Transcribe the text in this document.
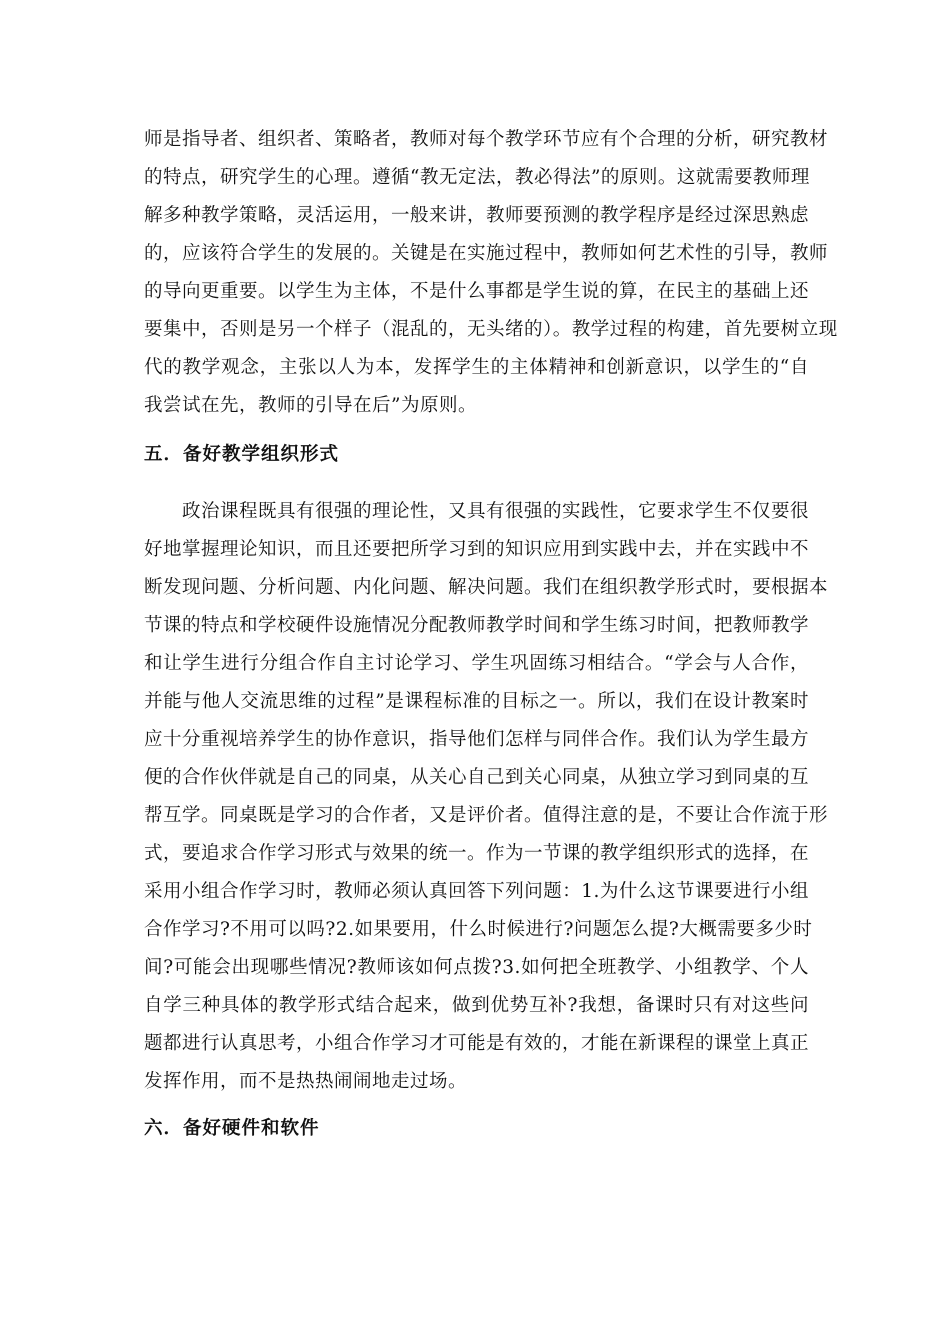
师是指导者、组织者、策略者，教师对每个教学环节应有个合理的分析，研究教材
的特点，研究学生的心理。遵循“教无定法，教必得法”的原则。这就需要教师理
解多种教学策略，灵活运用，一般来讲，教师要预测的教学程序是经过深思熟虑
的，应该符合学生的发展的。关键是在实施过程中，教师如何艺术性的引导，教师
的导向更重要。以学生为主体，不是什么事都是学生说的算，在民主的基础上还
要集中，否则是另一个样子（混乱的，无头绪的）。教学过程的构建，首先要树立现
代的教学观念，主张以人为本，发挥学生的主体精神和创新意识，以学生的“自
我尝试在先，教师的引导在后”为原则。
五．备好教学组织形式
　　政治课程既具有很强的理论性，又具有很强的实践性，它要求学生不仅要很
好地掌握理论知识，而且还要把所学习到的知识应用到实践中去，并在实践中不
断发现问题、分析问题、内化问题、解决问题。我们在组织教学形式时，要根据本
节课的特点和学校硬件设施情况分配教师教学时间和学生练习时间，把教师教学
和让学生进行分组合作自主讨论学习、学生巩固练习相结合。“学会与人合作，
并能与他人交流思维的过程”是课程标准的目标之一。所以，我们在设计教案时
应十分重视培养学生的协作意识，指导他们怎样与同伴合作。我们认为学生最方
便的合作伙伴就是自己的同桌，从关心自己到关心同桌，从独立学习到同桌的互
帮互学。同桌既是学习的合作者，又是评价者。值得注意的是，不要让合作流于形
式，要追求合作学习形式与效果的统一。作为一节课的教学组织形式的选择，在
采用小组合作学习时，教师必须认真回答下列问题：1.为什么这节课要进行小组
合作学习?不用可以吗?2.如果要用，什么时候进行?问题怎么提?大概需要多少时
间?可能会出现哪些情况?教师该如何点拨?3.如何把全班教学、小组教学、个人
自学三种具体的教学形式结合起来，做到优势互补?我想，备课时只有对这些问
题都进行认真思考，小组合作学习才可能是有效的，才能在新课程的课堂上真正
发挥作用，而不是热热闹闹地走过场。
六．备好硬件和软件
